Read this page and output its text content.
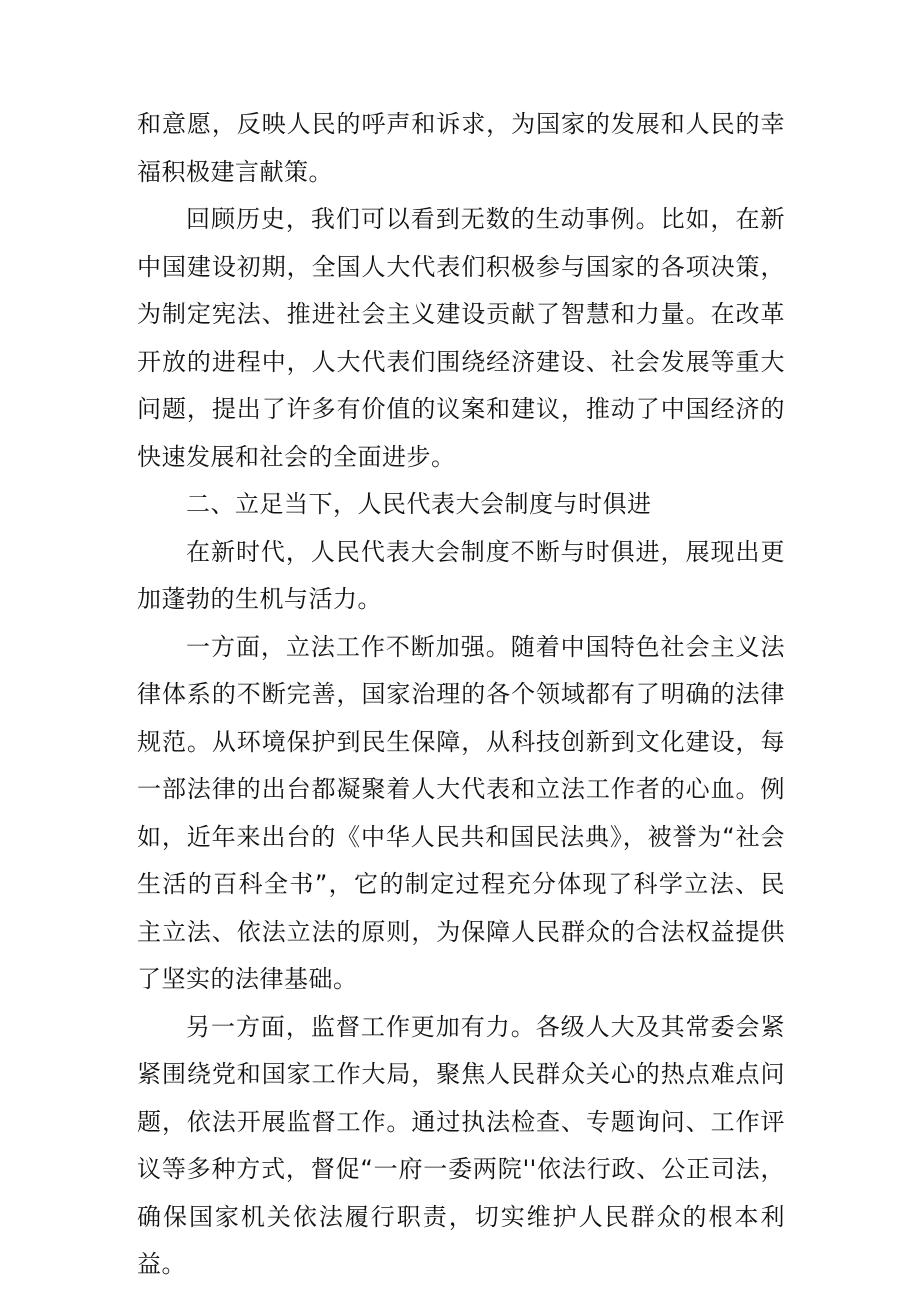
和意愿，反映人民的呼声和诉求，为国家的发展和人民的幸福积极建言献策。

回顾历史，我们可以看到无数的生动事例。比如，在新中国建设初期，全国人大代表们积极参与国家的各项决策，为制定宪法、推进社会主义建设贡献了智慧和力量。在改革开放的进程中，人大代表们围绕经济建设、社会发展等重大问题，提出了许多有价值的议案和建议，推动了中国经济的快速发展和社会的全面进步。

二、立足当下，人民代表大会制度与时俱进

在新时代，人民代表大会制度不断与时俱进，展现出更加蓬勃的生机与活力。

一方面，立法工作不断加强。随着中国特色社会主义法律体系的不断完善，国家治理的各个领域都有了明确的法律规范。从环境保护到民生保障，从科技创新到文化建设，每一部法律的出台都凝聚着人大代表和立法工作者的心血。例如，近年来出台的《中华人民共和国民法典》，被誉为“社会生活的百科全书”，它的制定过程充分体现了科学立法、民主立法、依法立法的原则，为保障人民群众的合法权益提供了坚实的法律基础。

另一方面，监督工作更加有力。各级人大及其常委会紧紧围绕党和国家工作大局，聚焦人民群众关心的热点难点问题，依法开展监督工作。通过执法检查、专题询问、工作评议等多种方式，督促“一府一委两院''依法行政、公正司法，确保国家机关依法履行职责，切实维护人民群众的根本利益。
